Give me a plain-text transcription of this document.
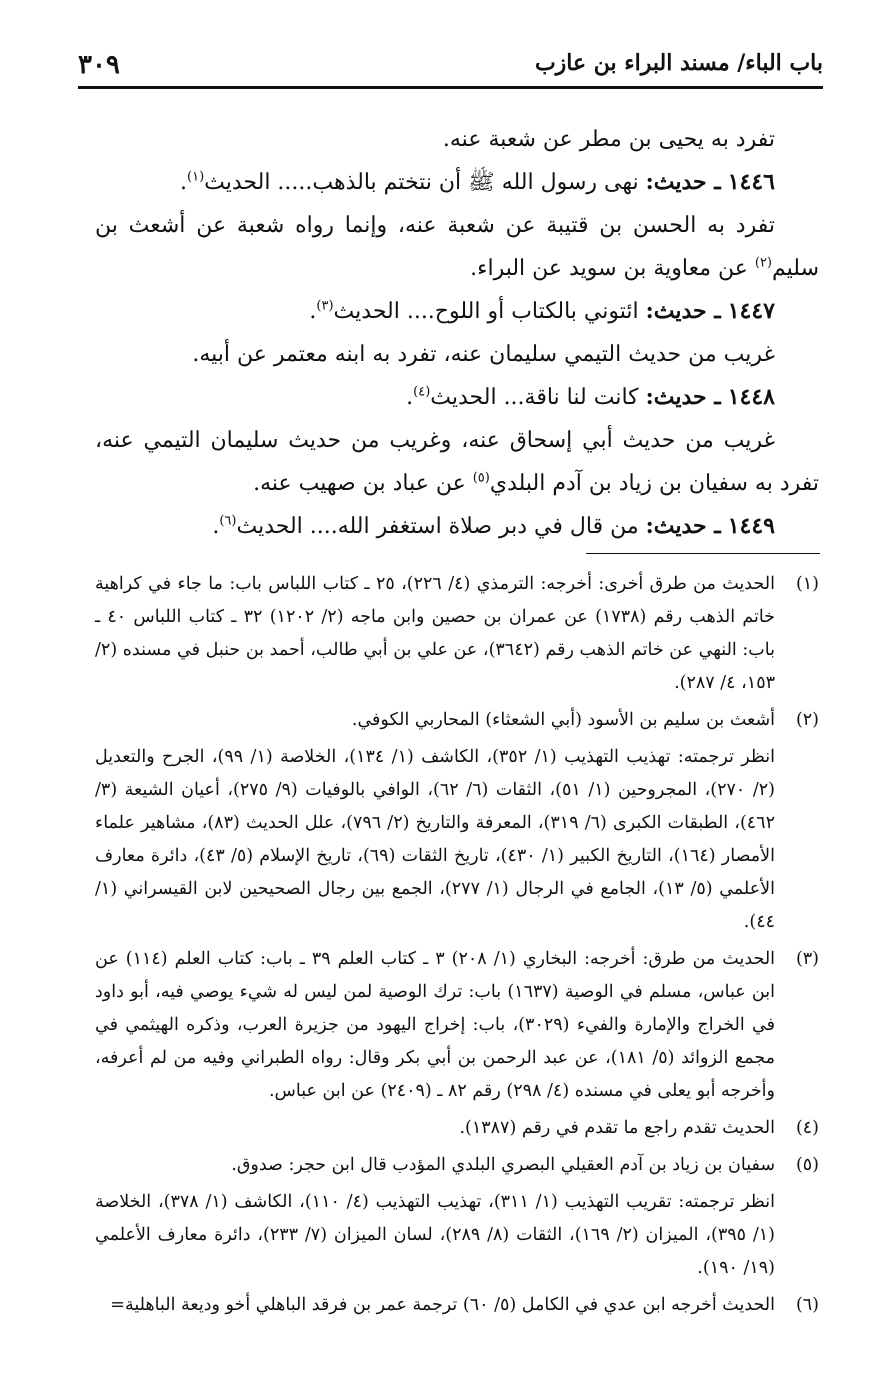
باب الباء/ مسند البراء بن عازب
٣٠٩

تفرد به يحيى بن مطر عن شعبة عنه.

١٤٤٦ ـ حديث: نهى رسول الله ﷺ أن نتختم بالذهب..... الحديث$^{(١)}$.

تفرد به الحسن بن قتيبة عن شعبة عنه، وإنما رواه شعبة عن أشعث بن سليم$^{(٢)}$ عن معاوية بن سويد عن البراء.

١٤٤٧ ـ حديث: ائتوني بالكتاب أو اللوح.... الحديث$^{(٣)}$.

غريب من حديث التيمي سليمان عنه، تفرد به ابنه معتمر عن أبيه.

١٤٤٨ ـ حديث: كانت لنا ناقة... الحديث$^{(٤)}$.

غريب من حديث أبي إسحاق عنه، وغريب من حديث سليمان التيمي عنه، تفرد به سفيان بن زياد بن آدم البلدي$^{(٥)}$ عن عباد بن صهيب عنه.

١٤٤٩ ـ حديث: من قال في دبر صلاة استغفر الله.... الحديث$^{(٦)}$.

(١)
الحديث من طرق أخرى: أخرجه: الترمذي (٤/ ٢٢٦)، ٢٥ ـ كتاب اللباس باب: ما جاء في كراهية خاتم الذهب رقم (١٧٣٨) عن عمران بن حصين وابن ماجه (٢/ ١٢٠٢) ٣٢ ـ كتاب اللباس ٤٠ ـ باب: النهي عن خاتم الذهب رقم (٣٦٤٢)، عن علي بن أبي طالب، أحمد بن حنبل في مسنده (٢/ ١٥٣، ٤/ ٢٨٧).
(٢)
أشعث بن سليم بن الأسود (أبي الشعثاء) المحاربي الكوفي.
انظر ترجمته: تهذيب التهذيب (١/ ٣٥٢)، الكاشف (١/ ١٣٤)، الخلاصة (١/ ٩٩)، الجرح والتعديل (٢/ ٢٧٠)، المجروحين (١/ ٥١)، الثقات (٦/ ٦٢)، الوافي بالوفيات (٩/ ٢٧٥)، أعيان الشيعة (٣/ ٤٦٢)، الطبقات الكبرى (٦/ ٣١٩)، المعرفة والتاريخ (٢/ ٧٩٦)، علل الحديث (٨٣)، مشاهير علماء الأمصار (١٦٤)، التاريخ الكبير (١/ ٤٣٠)، تاريخ الثقات (٦٩)، تاريخ الإسلام (٥/ ٤٣)، دائرة معارف الأعلمي (٥/ ١٣)، الجامع في الرجال (١/ ٢٧٧)، الجمع بين رجال الصحيحين لابن القيسراني (١/ ٤٤).
(٣)
الحديث من طرق: أخرجه: البخاري (١/ ٢٠٨) ٣ ـ كتاب العلم ٣٩ ـ باب: كتاب العلم (١١٤) عن ابن عباس، مسلم في الوصية (١٦٣٧) باب: ترك الوصية لمن ليس له شيء يوصي فيه، أبو داود في الخراج والإمارة والفيء (٣٠٢٩)، باب: إخراج اليهود من جزيرة العرب، وذكره الهيثمي في مجمع الزوائد (٥/ ١٨١)، عن عبد الرحمن بن أبي بكر وقال: رواه الطبراني وفيه من لم أعرفه، وأخرجه أبو يعلى في مسنده (٤/ ٢٩٨) رقم ٨٢ ـ (٢٤٠٩) عن ابن عباس.
(٤)
الحديث تقدم راجع ما تقدم في رقم (١٣٨٧).
(٥)
سفيان بن زياد بن آدم العقيلي البصري البلدي المؤدب قال ابن حجر: صدوق.
انظر ترجمته: تقريب التهذيب (١/ ٣١١)، تهذيب التهذيب (٤/ ١١٠)، الكاشف (١/ ٣٧٨)، الخلاصة (١/ ٣٩٥)، الميزان (٢/ ١٦٩)، الثقات (٨/ ٢٨٩)، لسان الميزان (٧/ ٢٣٣)، دائرة معارف الأعلمي (١٩/ ١٩٠).
(٦)
الحديث أخرجه ابن عدي في الكامل (٥/ ٦٠) ترجمة عمر بن فرقد الباهلي أخو وديعة الباهلية=
